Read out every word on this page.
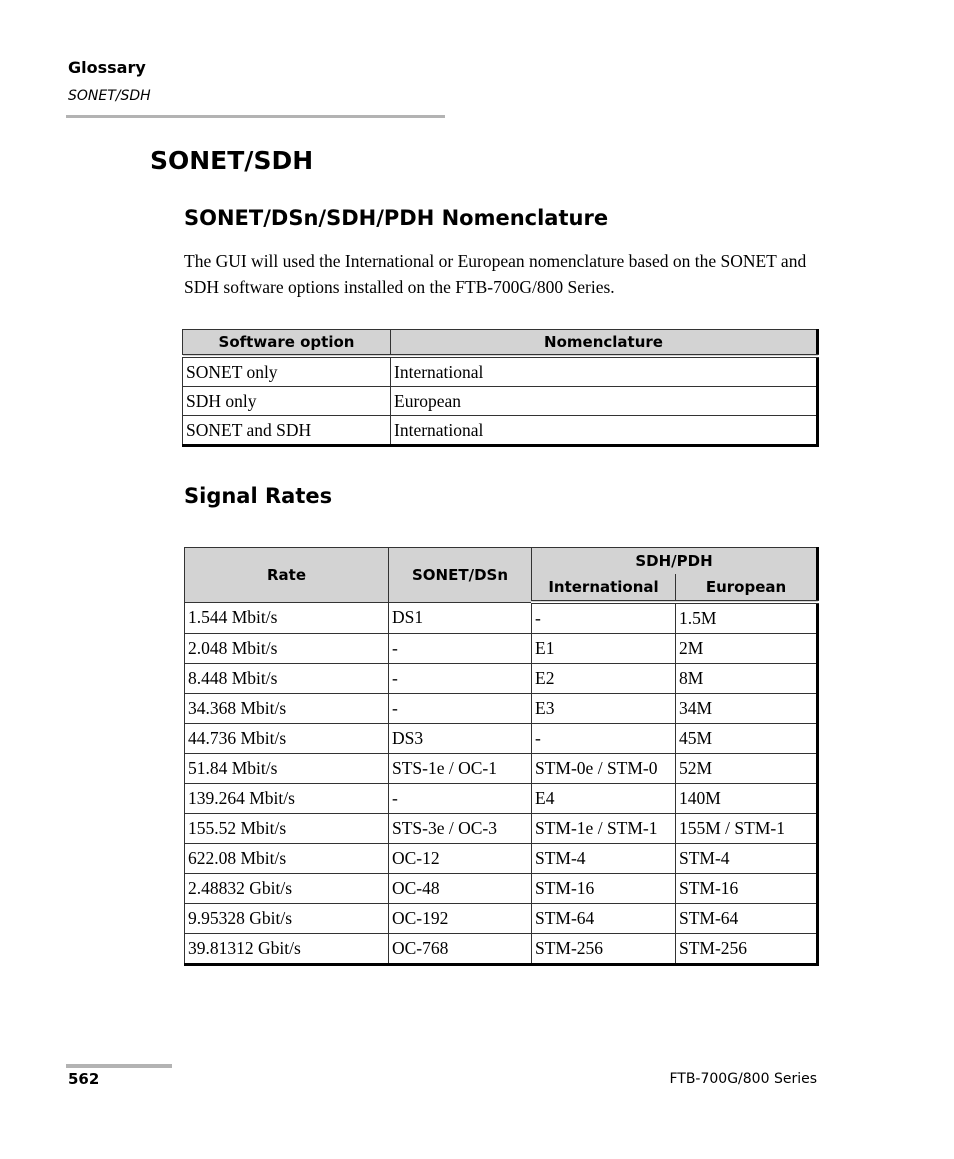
Glossary
SONET/SDH
SONET/SDH
SONET/DSn/SDH/PDH Nomenclature

The GUI will used the International or European nomenclature based on the SONET and SDH software options installed on the FTB-700G/800 Series.

Software option	Nomenclature
SONET only	International
SDH only	European
SONET and SDH	International
Signal Rates
Rate	SONET/DSn	SDH/PDH	
		International	European
1.544 Mbit/s	DS1	-	1.5M
2.048 Mbit/s	-	E1	2M
8.448 Mbit/s	-	E2	8M
34.368 Mbit/s	-	E3	34M
44.736 Mbit/s	DS3	-	45M
51.84 Mbit/s	STS-1e / OC-1	STM-0e / STM-0	52M
139.264 Mbit/s	-	E4	140M
155.52 Mbit/s	STS-3e / OC-3	STM-1e / STM-1	155M / STM-1
622.08 Mbit/s	OC-12	STM-4	STM-4
2.48832 Gbit/s	OC-48	STM-16	STM-16
9.95328 Gbit/s	OC-192	STM-64	STM-64
39.81312 Gbit/s	OC-768	STM-256	STM-256
562	FTB-700G/800 Series
